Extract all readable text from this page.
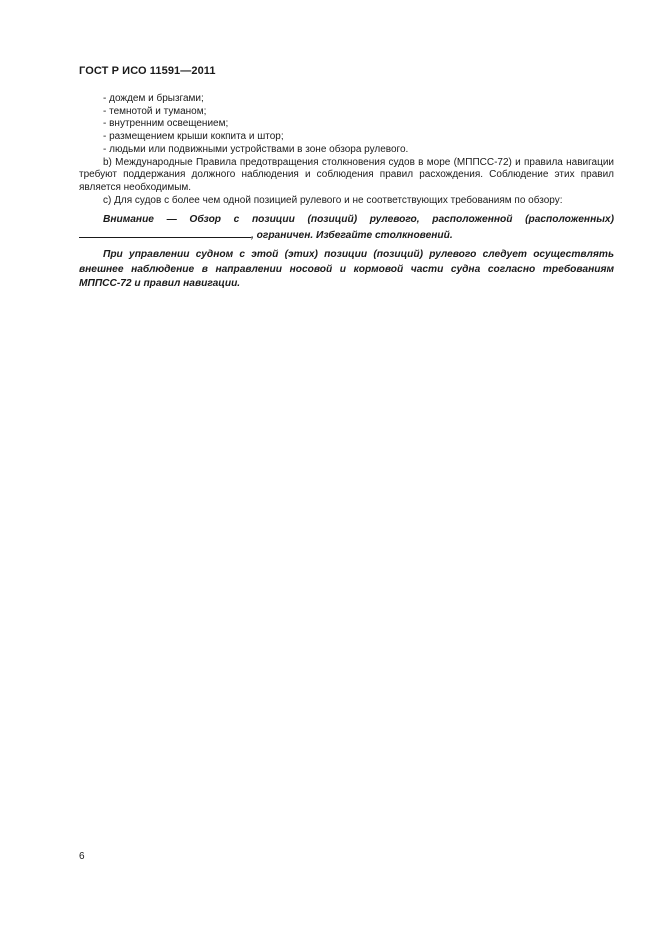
ГОСТ Р ИСО 11591—2011
- дождем и брызгами;
- темнотой и туманом;
- внутренним освещением;
- размещением крыши кокпита и штор;
- людьми или подвижными устройствами в зоне обзора рулевого.
b) Международные Правила предотвращения столкновения судов в море (МППСС-72) и правила навигации требуют поддержания должного наблюдения и соблюдения правил расхождения. Соблюдение этих правил является необходимым.
c) Для судов с более чем одной позицией рулевого и не соответствующих требованиям по обзору:
Внимание — Обзор с позиции (позиций) рулевого, расположенной (расположенных) , ограничен. Избегайте столкновений.
При управлении судном с этой (этих) позиции (позиций) рулевого следует осуществлять внешнее наблюдение в направлении носовой и кормовой части судна согласно требованиям МППСС-72 и правил навигации.
6
